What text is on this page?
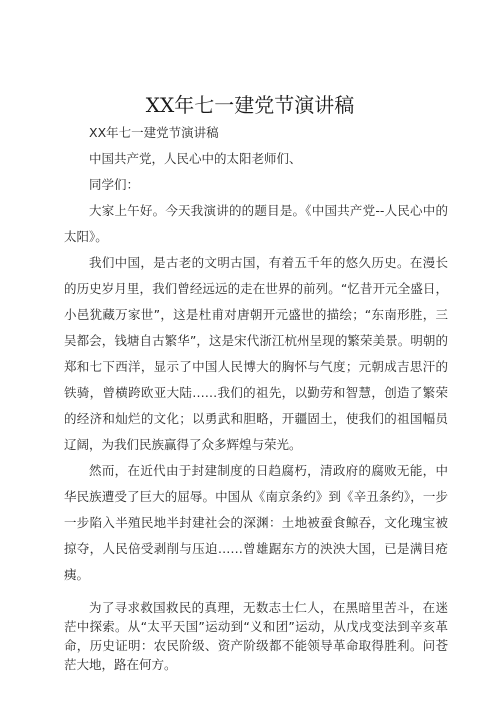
XX年七一建党节演讲稿

XX年七一建党节演讲稿

中国共产党，人民心中的太阳老师们、

同学们：

大家上午好。今天我演讲的的题目是。《中国共产党--人民心中的太阳》。

我们中国，是古老的文明古国，有着五千年的悠久历史。在漫长的历史岁月里，我们曾经远远的走在世界的前列。“忆昔开元全盛日，小邑犹藏万家世”，这是杜甫对唐朝开元盛世的描绘；“东南形胜，三吴都会，钱塘自古繁华”，这是宋代浙江杭州呈现的繁荣美景。明朝的郑和七下西洋，显示了中国人民博大的胸怀与气度；元朝成吉思汗的铁骑，曾横跨欧亚大陆……我们的祖先，以勤劳和智慧，创造了繁荣的经济和灿烂的文化；以勇武和胆略，开疆固土，使我们的祖国幅员辽阔，为我们民族赢得了众多辉煌与荣光。

然而，在近代由于封建制度的日趋腐朽，清政府的腐败无能，中华民族遭受了巨大的屈辱。中国从《南京条约》到《辛丑条约》，一步一步陷入半殖民地半封建社会的深渊：土地被蚕食鲸吞，文化瑰宝被掠夺，人民倍受剥削与压迫……曾雄踞东方的泱泱大国，已是满目疮痍。

为了寻求救国救民的真理，无数志士仁人，在黑暗里苦斗，在迷茫中探索。从“太平天国”运动到“义和团”运动，从戊戌变法到辛亥革命，历史证明：农民阶级、资产阶级都不能领导革命取得胜利。问苍茫大地，路在何方。
